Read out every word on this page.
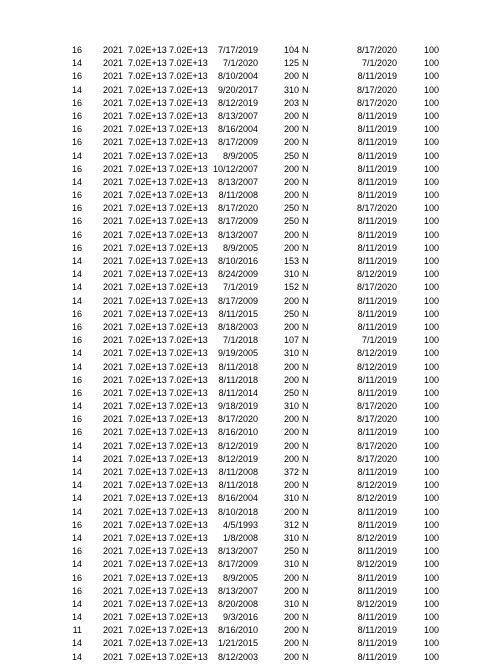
16	2021 7.02E+13 7.02E+13	7/17/2019	104 N	8/17/2020	100
14	2021 7.02E+13 7.02E+13	7/1/2020	125 N	7/1/2020	100
16	2021 7.02E+13 7.02E+13	8/10/2004	200 N	8/11/2019	100
14	2021 7.02E+13 7.02E+13	9/20/2017	310 N	8/17/2020	100
16	2021 7.02E+13 7.02E+13	8/12/2019	203 N	8/17/2020	100
16	2021 7.02E+13 7.02E+13	8/13/2007	200 N	8/11/2019	100
16	2021 7.02E+13 7.02E+13	8/16/2004	200 N	8/11/2019	100
16	2021 7.02E+13 7.02E+13	8/17/2009	200 N	8/11/2019	100
14	2021 7.02E+13 7.02E+13	8/9/2005	250 N	8/11/2019	100
16	2021 7.02E+13 7.02E+13 10/12/2007	200 N	8/11/2019	100
14	2021 7.02E+13 7.02E+13	8/13/2007	200 N	8/11/2019	100
16	2021 7.02E+13 7.02E+13	8/11/2008	200 N	8/11/2019	100
16	2021 7.02E+13 7.02E+13	8/17/2020	250 N	8/17/2020	100
16	2021 7.02E+13 7.02E+13	8/17/2009	250 N	8/11/2019	100
16	2021 7.02E+13 7.02E+13	8/13/2007	200 N	8/11/2019	100
16	2021 7.02E+13 7.02E+13	8/9/2005	200 N	8/11/2019	100
14	2021 7.02E+13 7.02E+13	8/10/2016	153 N	8/11/2019	100
14	2021 7.02E+13 7.02E+13	8/24/2009	310 N	8/12/2019	100
14	2021 7.02E+13 7.02E+13	7/1/2019	152 N	8/17/2020	100
14	2021 7.02E+13 7.02E+13	8/17/2009	200 N	8/11/2019	100
16	2021 7.02E+13 7.02E+13	8/11/2015	250 N	8/11/2019	100
16	2021 7.02E+13 7.02E+13	8/18/2003	200 N	8/11/2019	100
16	2021 7.02E+13 7.02E+13	7/1/2018	107 N	7/1/2019	100
14	2021 7.02E+13 7.02E+13	9/19/2005	310 N	8/12/2019	100
14	2021 7.02E+13 7.02E+13	8/11/2018	200 N	8/12/2019	100
16	2021 7.02E+13 7.02E+13	8/11/2018	200 N	8/11/2019	100
16	2021 7.02E+13 7.02E+13	8/11/2014	250 N	8/11/2019	100
14	2021 7.02E+13 7.02E+13	9/18/2019	310 N	8/17/2020	100
16	2021 7.02E+13 7.02E+13	8/17/2020	200 N	8/17/2020	100
16	2021 7.02E+13 7.02E+13	8/16/2010	200 N	8/11/2019	100
14	2021 7.02E+13 7.02E+13	8/12/2019	200 N	8/17/2020	100
14	2021 7.02E+13 7.02E+13	8/12/2019	200 N	8/17/2020	100
14	2021 7.02E+13 7.02E+13	8/11/2008	372 N	8/11/2019	100
14	2021 7.02E+13 7.02E+13	8/11/2018	200 N	8/12/2019	100
14	2021 7.02E+13 7.02E+13	8/16/2004	310 N	8/12/2019	100
14	2021 7.02E+13 7.02E+13	8/10/2018	200 N	8/11/2019	100
16	2021 7.02E+13 7.02E+13	4/5/1993	312 N	8/11/2019	100
14	2021 7.02E+13 7.02E+13	1/8/2008	310 N	8/12/2019	100
16	2021 7.02E+13 7.02E+13	8/13/2007	250 N	8/11/2019	100
14	2021 7.02E+13 7.02E+13	8/17/2009	310 N	8/12/2019	100
16	2021 7.02E+13 7.02E+13	8/9/2005	200 N	8/11/2019	100
16	2021 7.02E+13 7.02E+13	8/13/2007	200 N	8/11/2019	100
14	2021 7.02E+13 7.02E+13	8/20/2008	310 N	8/12/2019	100
14	2021 7.02E+13 7.02E+13	9/3/2016	200 N	8/11/2019	100
11	2021 7.02E+13 7.02E+13	8/16/2010	200 N	8/11/2019	100
14	2021 7.02E+13 7.02E+13	1/21/2015	200 N	8/11/2019	100
14	2021 7.02E+13 7.02E+13	8/12/2003	200 N	8/11/2019	100
